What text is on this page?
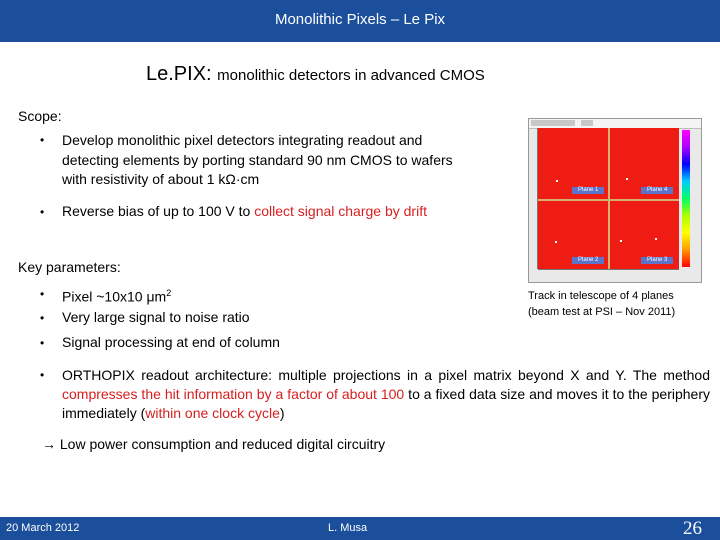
Monolithic Pixels – Le Pix
Le.PIX: monolithic detectors in advanced CMOS
Scope:
• Develop monolithic pixel detectors integrating readout and
detecting elements by porting standard 90 nm CMOS to wafers
with resistivity of about 1 kΩ·cm
• Reverse bias of up to 100 V to collect signal charge by drift
Key parameters:
• Pixel ~10x10 $\mu m^2$
• Very large signal to noise ratio
• Signal processing at end of column
• ORTHOPIX readout architecture: multiple projections in a pixel matrix beyond X and Y. The method compresses the hit information by a factor of about 100 to a fixed data size and moves it to the periphery immediately (within one clock cycle)
→ Low power consumption and reduced digital circuitry
Plane 1	Plane 4
Plane 2	Plane 3
Track in telescope of 4 planes
(beam test at PSI – Nov 2011)
20 March 2012	L. Musa	26
